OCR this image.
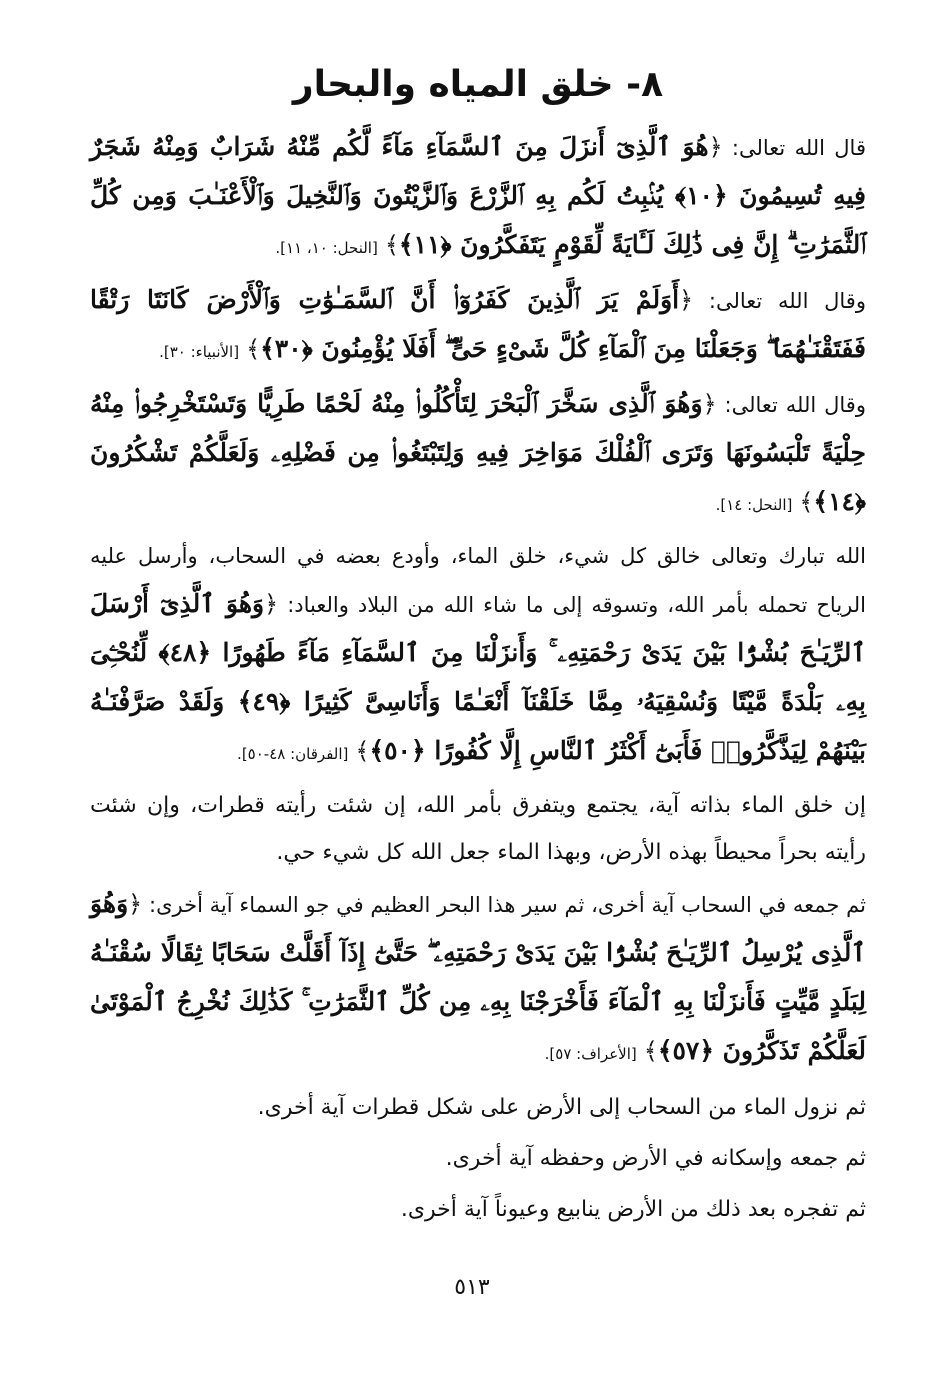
٨- خلق المياه والبحار

قال الله تعالى: ﴿هُوَ ٱلَّذِىٓ أَنزَلَ مِنَ ٱلسَّمَآءِ مَآءً لَّكُم مِّنْهُ شَرَابٌ وَمِنْهُ شَجَرٌ فِيهِ تُسِيمُونَ ﴿١٠﴾ يُنۢبِتُ لَكُم بِهِ ٱلزَّرْعَ وَٱلزَّيْتُونَ وَٱلنَّخِيلَ وَٱلْأَعْنَـٰبَ وَمِن كُلِّ ٱلثَّمَرَٰتِ ۗ إِنَّ فِى ذَٰلِكَ لَـَٔايَةً لِّقَوْمٍ يَتَفَكَّرُونَ ﴿١١﴾﴾ [النحل: ١٠، ١١].

وقال الله تعالى: ﴿أَوَلَمْ يَرَ ٱلَّذِينَ كَفَرُوٓا۟ أَنَّ ٱلسَّمَـٰوَٰتِ وَٱلْأَرْضَ كَانَتَا رَتْقًا فَفَتَقْنَـٰهُمَا ۖ وَجَعَلْنَا مِنَ ٱلْمَآءِ كُلَّ شَىْءٍ حَىٍّ ۖ أَفَلَا يُؤْمِنُونَ ﴿٣٠﴾﴾ [الأنبياء: ٣٠].

وقال الله تعالى: ﴿وَهُوَ ٱلَّذِى سَخَّرَ ٱلْبَحْرَ لِتَأْكُلُوا۟ مِنْهُ لَحْمًا طَرِيًّا وَتَسْتَخْرِجُوا۟ مِنْهُ حِلْيَةً تَلْبَسُونَهَا وَتَرَى ٱلْفُلْكَ مَوَاخِرَ فِيهِ وَلِتَبْتَغُوا۟ مِن فَضْلِهِۦ وَلَعَلَّكُمْ تَشْكُرُونَ ﴿١٤﴾﴾ [النحل: ١٤].

الله تبارك وتعالى خالق كل شيء، خلق الماء، وأودع بعضه في السحاب، وأرسل عليه الرياح تحمله بأمر الله، وتسوقه إلى ما شاء الله من البلاد والعباد: ﴿وَهُوَ ٱلَّذِىٓ أَرْسَلَ ٱلرِّيَـٰحَ بُشْرًۢا بَيْنَ يَدَىْ رَحْمَتِهِۦ ۚ وَأَنزَلْنَا مِنَ ٱلسَّمَآءِ مَآءً طَهُورًا ﴿٤٨﴾ لِّنُحْـِۧىَ بِهِۦ بَلْدَةً مَّيْتًا وَنُسْقِيَهُۥ مِمَّا خَلَقْنَآ أَنْعَـٰمًا وَأَنَاسِىَّ كَثِيرًا ﴿٤٩﴾ وَلَقَدْ صَرَّفْنَـٰهُ بَيْنَهُمْ لِيَذَّكَّرُوا۟ فَأَبَىٰٓ أَكْثَرُ ٱلنَّاسِ إِلَّا كُفُورًا ﴿٥٠﴾﴾ [الفرقان: ٤٨-٥٠].

إن خلق الماء بذاته آية، يجتمع ويتفرق بأمر الله، إن شئت رأيته قطرات، وإن شئت رأيته بحراً محيطاً بهذه الأرض، وبهذا الماء جعل الله كل شيء حي.

ثم جمعه في السحاب آية أخرى، ثم سير هذا البحر العظيم في جو السماء آية أخرى: ﴿وَهُوَ ٱلَّذِى يُرْسِلُ ٱلرِّيَـٰحَ بُشْرًۢا بَيْنَ يَدَىْ رَحْمَتِهِۦ ۖ حَتَّىٰٓ إِذَآ أَقَلَّتْ سَحَابًا ثِقَالًا سُقْنَـٰهُ لِبَلَدٍ مَّيِّتٍ فَأَنزَلْنَا بِهِ ٱلْمَآءَ فَأَخْرَجْنَا بِهِۦ مِن كُلِّ ٱلثَّمَرَٰتِ ۚ كَذَٰلِكَ نُخْرِجُ ٱلْمَوْتَىٰ لَعَلَّكُمْ تَذَكَّرُونَ ﴿٥٧﴾﴾ [الأعراف: ٥٧].

ثم نزول الماء من السحاب إلى الأرض على شكل قطرات آية أخرى.

ثم جمعه وإسكانه في الأرض وحفظه آية أخرى.

ثم تفجره بعد ذلك من الأرض ينابيع وعيوناً آية أخرى.

٥١٣
